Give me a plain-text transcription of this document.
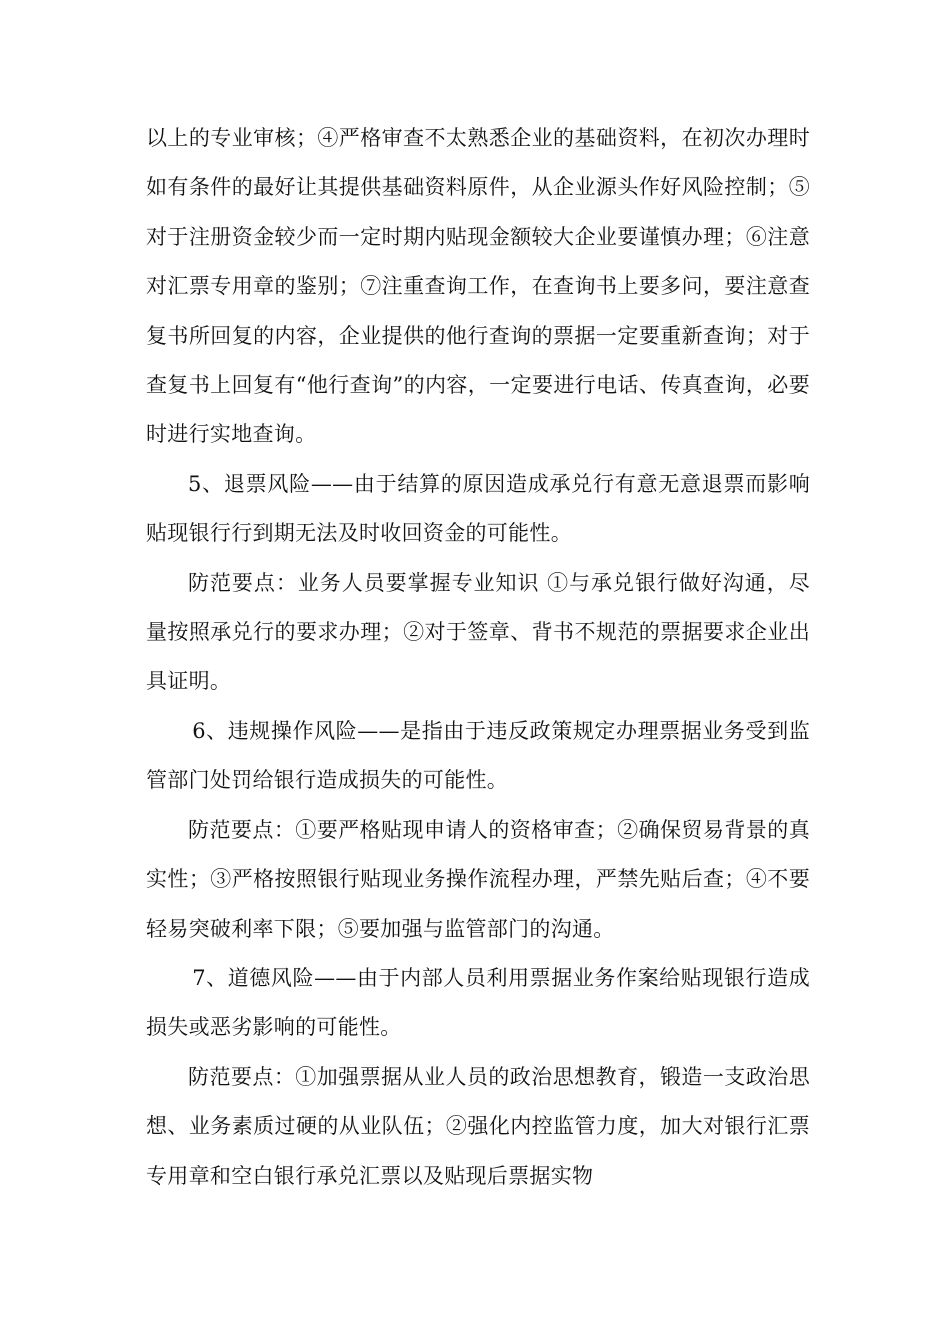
以上的专业审核；④严格审查不太熟悉企业的基础资料，在初次办理时如有条件的最好让其提供基础资料原件，从企业源头作好风险控制；⑤对于注册资金较少而一定时期内贴现金额较大企业要谨慎办理；⑥注意对汇票专用章的鉴别；⑦注重查询工作，在查询书上要多问，要注意查复书所回复的内容，企业提供的他行查询的票据一定要重新查询；对于查复书上回复有“他行查询”的内容，一定要进行电话、传真查询，必要时进行实地查询。

5、退票风险——由于结算的原因造成承兑行有意无意退票而影响贴现银行行到期无法及时收回资金的可能性。

防范要点：业务人员要掌握专业知识 ①与承兑银行做好沟通，尽量按照承兑行的要求办理；②对于签章、背书不规范的票据要求企业出具证明。

6、违规操作风险——是指由于违反政策规定办理票据业务受到监管部门处罚给银行造成损失的可能性。

防范要点：①要严格贴现申请人的资格审查；②确保贸易背景的真实性；③严格按照银行贴现业务操作流程办理，严禁先贴后查；④不要轻易突破利率下限；⑤要加强与监管部门的沟通。

7、道德风险——由于内部人员利用票据业务作案给贴现银行造成损失或恶劣影响的可能性。

防范要点：①加强票据从业人员的政治思想教育，锻造一支政治思想、业务素质过硬的从业队伍；②强化内控监管力度，加大对银行汇票专用章和空白银行承兑汇票以及贴现后票据实物
